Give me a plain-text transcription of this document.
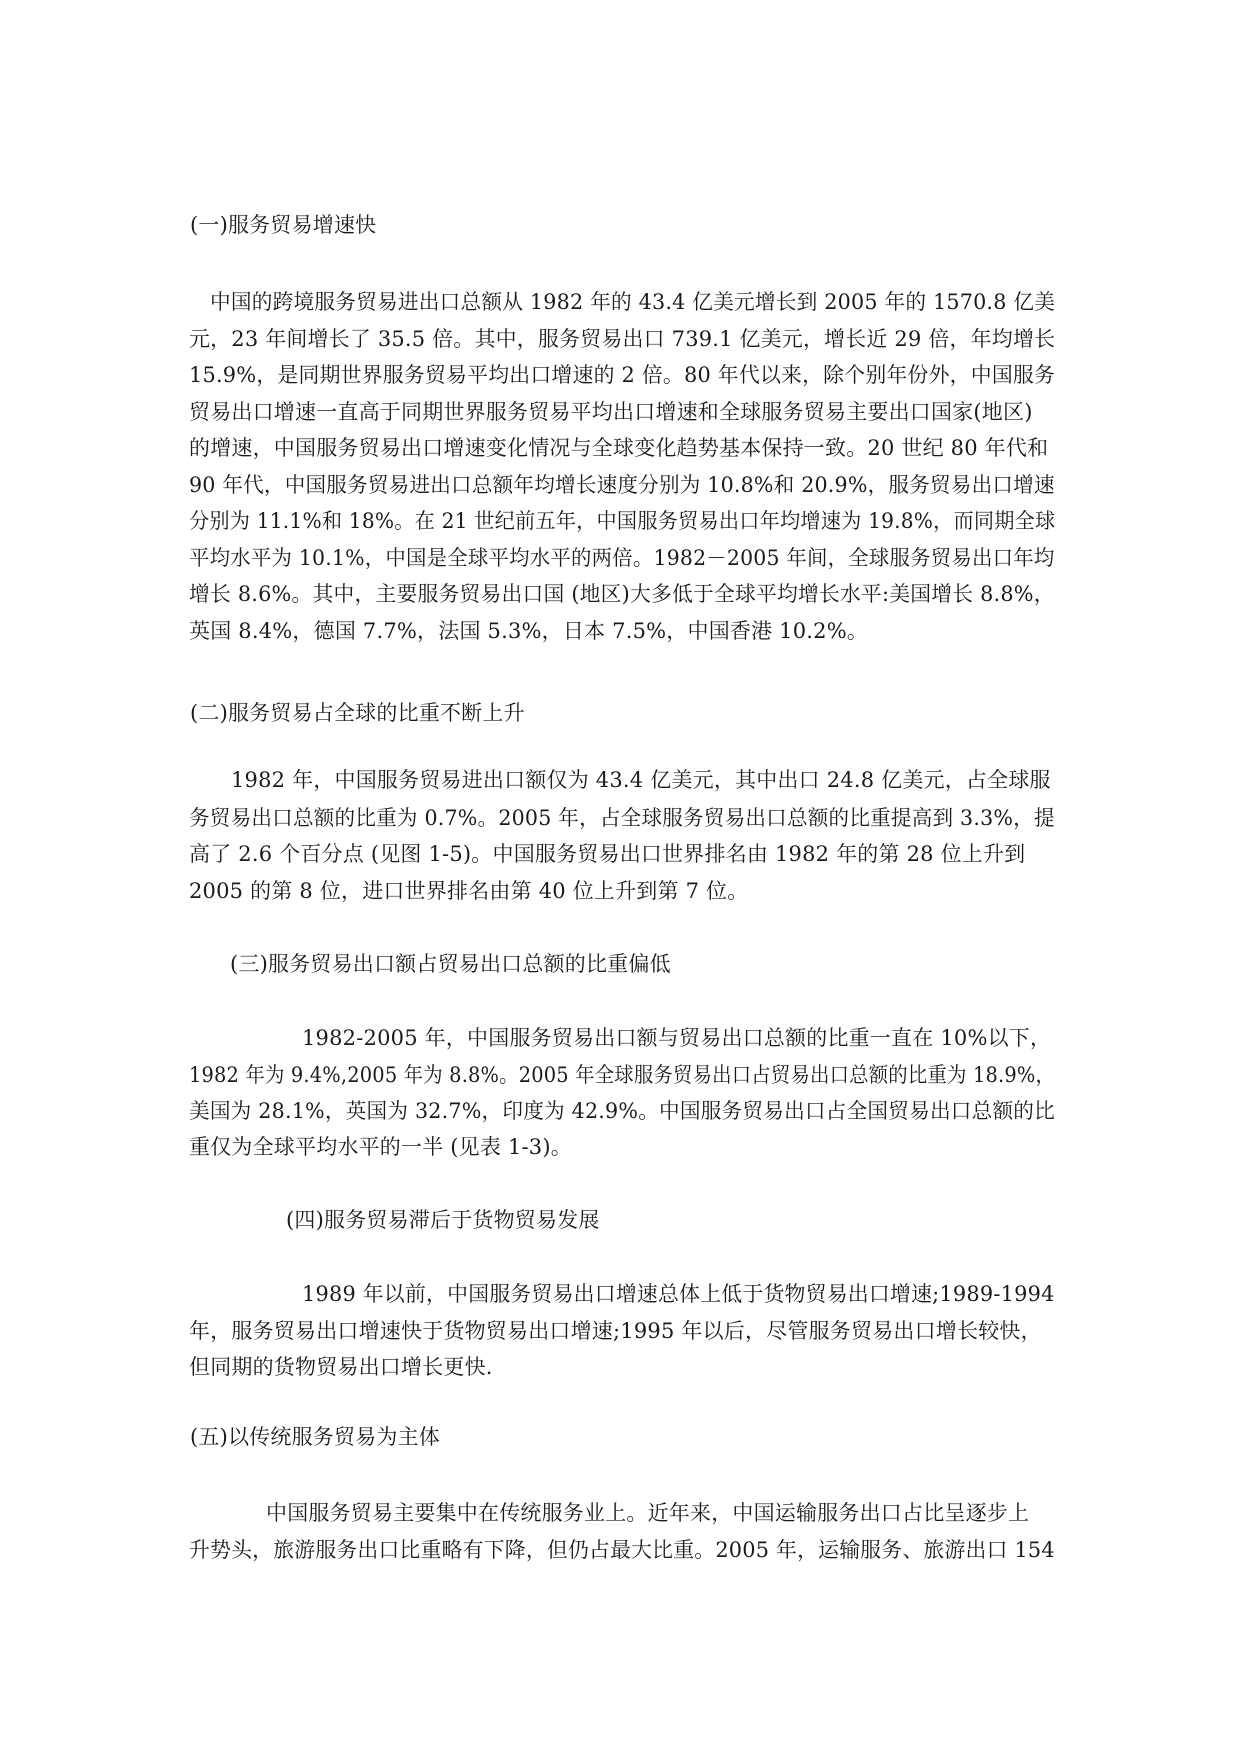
(一)服务贸易增速快
中国的跨境服务贸易进出口总额从 1982 年的 43.4 亿美元增长到 2005 年的 1570.8 亿美
元，23 年间增长了 35.5 倍。其中，服务贸易出口 739.1 亿美元，增长近 29 倍，年均增长
15.9%，是同期世界服务贸易平均出口增速的 2 倍。80 年代以来，除个别年份外，中国服务
贸易出口增速一直高于同期世界服务贸易平均出口增速和全球服务贸易主要出口国家(地区)
的增速，中国服务贸易出口增速变化情况与全球变化趋势基本保持一致。20 世纪 80 年代和
90 年代，中国服务贸易进出口总额年均增长速度分别为 10.8%和 20.9%，服务贸易出口增速
分别为 11.1%和 18%。在 21 世纪前五年，中国服务贸易出口年均增速为 19.8%，而同期全球
平均水平为 10.1%，中国是全球平均水平的两倍。1982－2005 年间，全球服务贸易出口年均
增长 8.6%。其中，主要服务贸易出口国 (地区)大多低于全球平均增长水平:美国增长 8.8%，
英国 8.4%，德国 7.7%，法国 5.3%，日本 7.5%，中国香港 10.2%。
(二)服务贸易占全球的比重不断上升
1982 年，中国服务贸易进出口额仅为 43.4 亿美元，其中出口 24.8 亿美元，占全球服
务贸易出口总额的比重为 0.7%。2005 年，占全球服务贸易出口总额的比重提高到 3.3%，提
高了 2.6 个百分点 (见图 1-5)。中国服务贸易出口世界排名由 1982 年的第 28 位上升到
2005 的第 8 位，进口世界排名由第 40 位上升到第 7 位。
(三)服务贸易出口额占贸易出口总额的比重偏低
1982-2005 年，中国服务贸易出口额与贸易出口总额的比重一直在 10%以下，
1982 年为 9.4%,2005 年为 8.8%。2005 年全球服务贸易出口占贸易出口总额的比重为 18.9%，
美国为 28.1%，英国为 32.7%，印度为 42.9%。中国服务贸易出口占全国贸易出口总额的比
重仅为全球平均水平的一半 (见表 1-3)。
(四)服务贸易滞后于货物贸易发展
1989 年以前，中国服务贸易出口增速总体上低于货物贸易出口增速;1989-1994
年，服务贸易出口增速快于货物贸易出口增速;1995 年以后，尽管服务贸易出口增长较快，
但同期的货物贸易出口增长更快.
(五)以传统服务贸易为主体
中国服务贸易主要集中在传统服务业上。近年来，中国运输服务出口占比呈逐步上
升势头，旅游服务出口比重略有下降，但仍占最大比重。2005 年，运输服务、旅游出口 154
